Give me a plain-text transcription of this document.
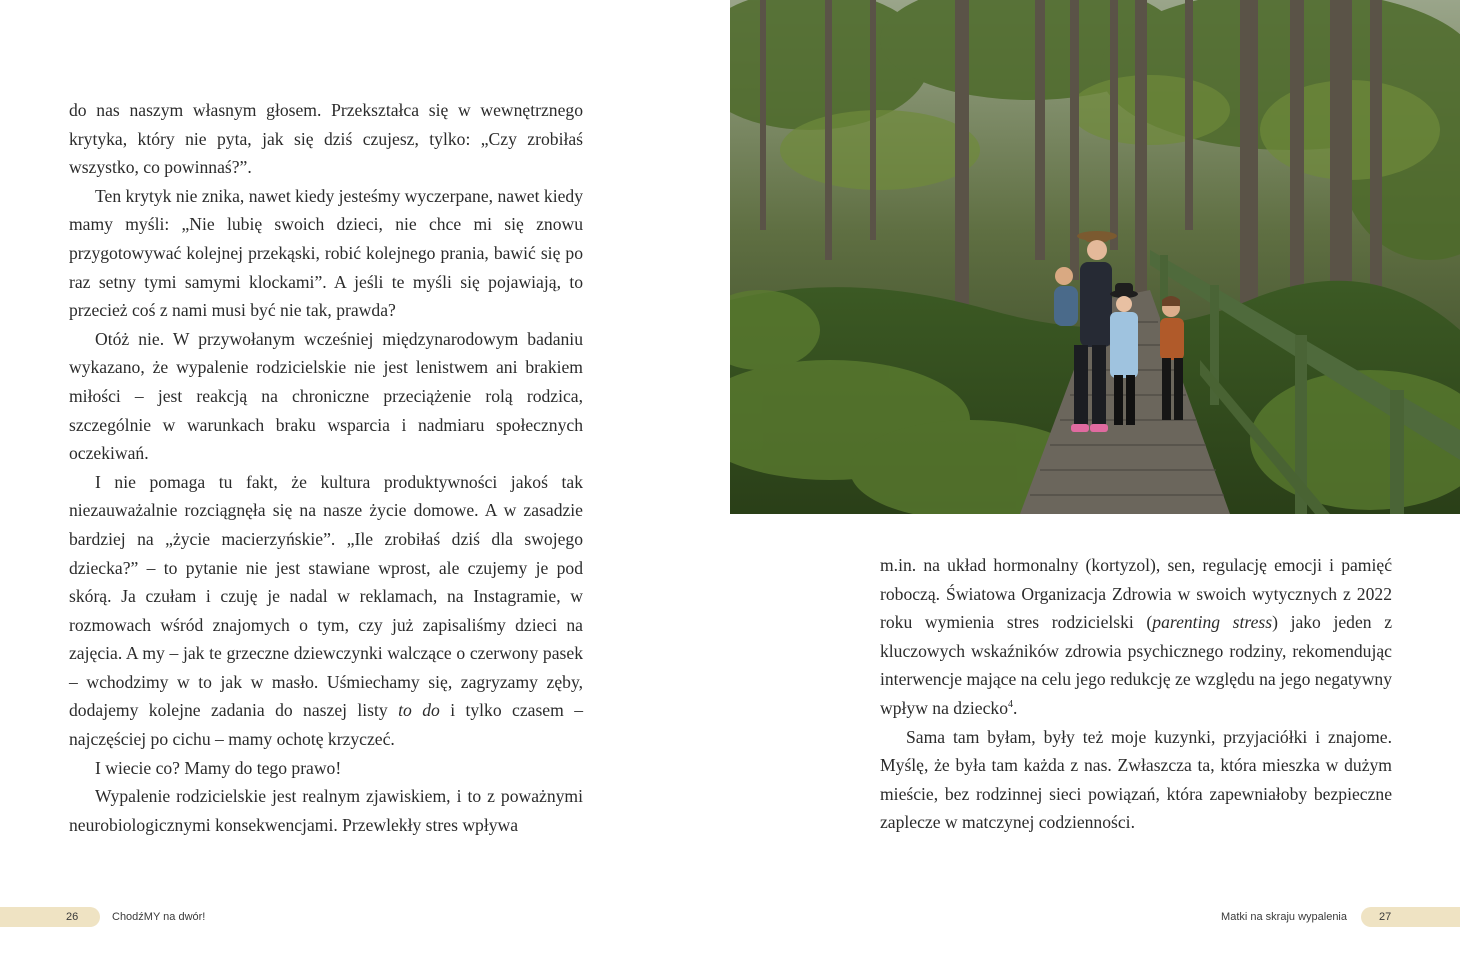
do nas naszym własnym głosem. Przekształca się w wewnętrznego krytyka, który nie pyta, jak się dziś czujesz, tylko: „Czy zrobiłaś wszystko, co powinnaś?”.

Ten krytyk nie znika, nawet kiedy jesteśmy wyczerpane, nawet kiedy mamy myśli: „Nie lubię swoich dzieci, nie chce mi się znowu przygotowywać kolejnej przekąski, robić kolejnego prania, bawić się po raz setny tymi samymi klockami”. A jeśli te myśli się pojawiają, to przecież coś z nami musi być nie tak, prawda?

Otóż nie. W przywołanym wcześniej międzynarodowym badaniu wykazano, że wypalenie rodzicielskie nie jest lenistwem ani brakiem miłości – jest reakcją na chroniczne przeciążenie rolą rodzica, szczególnie w warunkach braku wsparcia i nadmiaru społecznych oczekiwań.

I nie pomaga tu fakt, że kultura produktywności jakoś tak niezauważalnie rozciągnęła się na nasze życie domowe. A w zasadzie bardziej na „życie macierzyńskie”. „Ile zrobiłaś dziś dla swojego dziecka?” – to pytanie nie jest stawiane wprost, ale czujemy je pod skórą. Ja czułam i czuję je nadal w reklamach, na Instagramie, w rozmowach wśród znajomych o tym, czy już zapisaliśmy dzieci na zajęcia. A my – jak te grzeczne dziewczynki walczące o czerwony pasek – wchodzimy w to jak w masło. Uśmiechamy się, zagryzamy zęby, dodajemy kolejne zadania do naszej listy to do i tylko czasem – najczęściej po cichu – mamy ochotę krzyczeć.

I wiecie co? Mamy do tego prawo!

Wypalenie rodzicielskie jest realnym zjawiskiem, i to z poważnymi neurobiologicznymi konsekwencjami. Przewlekły stres wpływa

26	ChodźMY na dwór!

m.in. na układ hormonalny (kortyzol), sen, regulację emocji i pamięć roboczą. Światowa Organizacja Zdrowia w swoich wytycznych z 2022 roku wymienia stres rodzicielski (parenting stress) jako jeden z kluczowych wskaźników zdrowia psychicznego rodziny, rekomendując interwencje mające na celu jego redukcję ze względu na jego negatywny wpływ na dziecko$^4$.

Sama tam byłam, były też moje kuzynki, przyjaciółki i znajome. Myślę, że była tam każda z nas. Zwłaszcza ta, która mieszka w dużym mieście, bez rodzinnej sieci powiązań, która zapewniałoby bezpieczne zaplecze w matczynej codzienności.

Matki na skraju wypalenia	27
